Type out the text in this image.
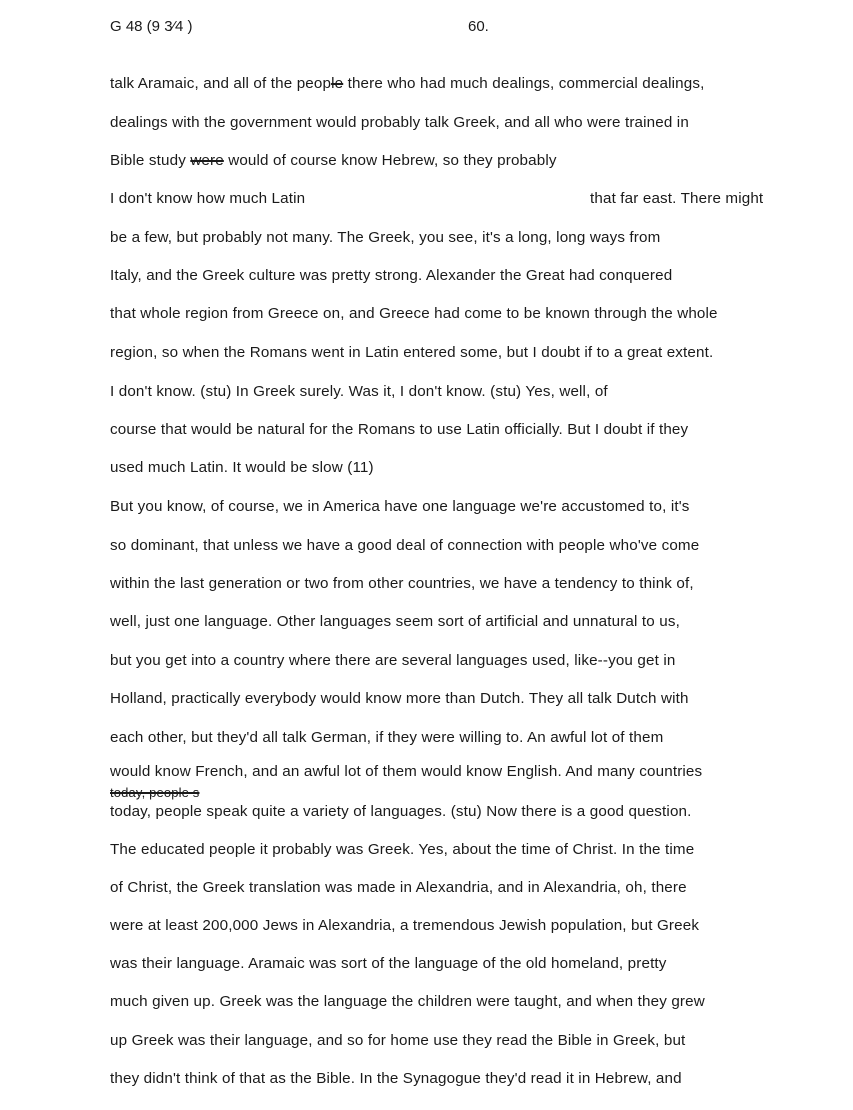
G 48 (9 3⁄4 )	60.
talk Aramaic, and all of the people there who had much dealings, commercial dealings,
dealings with the government would probably talk Greek, and all who were trained in
Bible study were would of course know Hebrew, so they probably
I don't know how much Latin	that far east. There might
be a few, but probably not many. The Greek, you see, it's a long, long ways from
Italy, and the Greek culture was pretty strong. Alexander the Great had conquered
that whole region from Greece on, and Greece had come to be known through the whole
region, so when the Romans went in Latin entered some, but I doubt if to a great extent.
I don't know. (stu) In Greek surely. Was it, I don't know. (stu) Yes, well, of
course that would be natural for the Romans to use Latin officially. But I doubt if they
used much Latin. It would be slow (11)
But you know, of course, we in America have one language we're accustomed to, it's
so dominant, that unless we have a good deal of connection with people who've come
within the last generation or two from other countries, we have a tendency to think of,
well, just one language. Other languages seem sort of artificial and unnatural to us,
but you get into a country where there are several languages used, like--you get in
Holland, practically everybody would know more than Dutch. They all talk Dutch with
each other, but they'd all talk German, if they were willing to. An awful lot of them
would know French, and an awful lot of them would know English. And many countries
today, people s
today, people speak quite a variety of languages. (stu) Now there is a good question.
The educated people it probably was Greek. Yes, about the time of Christ. In the time
of Christ, the Greek translation was made in Alexandria, and in Alexandria, oh, there
were at least 200,000 Jews in Alexandria, a tremendous Jewish population, but Greek
was their language. Aramaic was sort of the language of the old homeland, pretty
much given up. Greek was the language the children were taught, and when they grew
up Greek was their language, and so for home use they read the Bible in Greek, but
they didn't think of that as the Bible. In the Synagogue they'd read it in Hebrew, and
